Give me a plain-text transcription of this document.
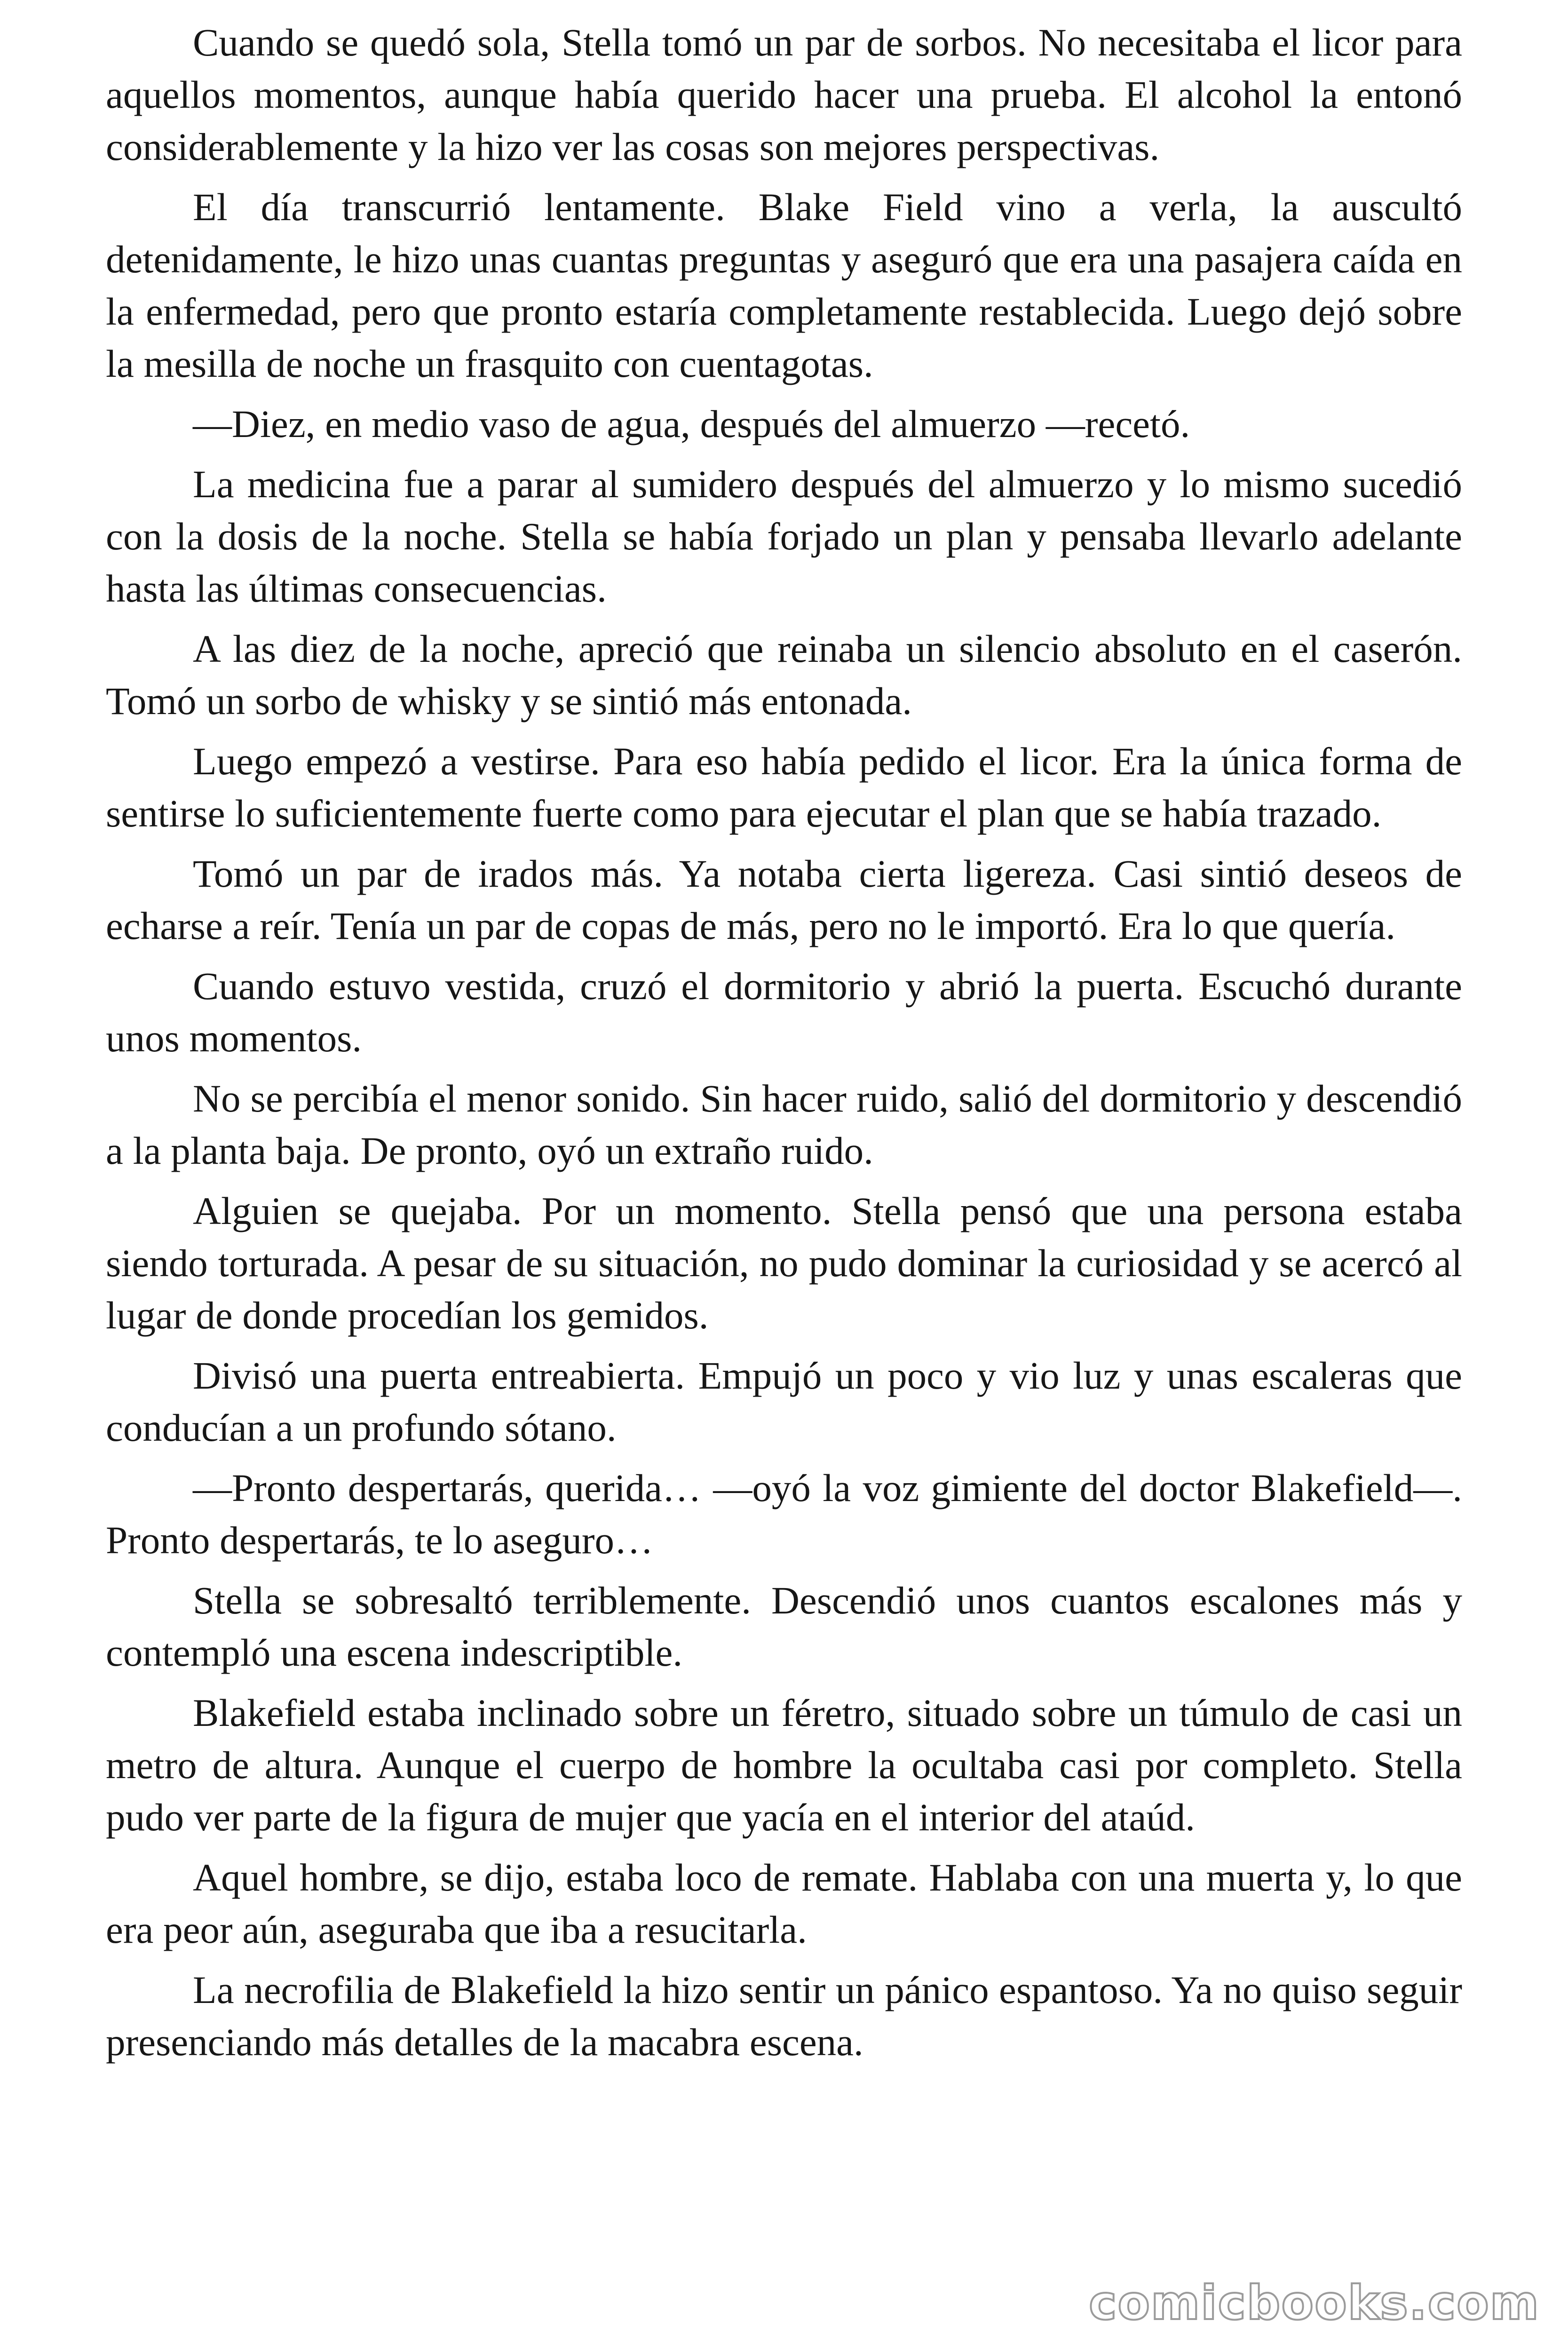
Cuando se quedó sola, Stella tomó un par de sorbos. No necesitaba el licor para aquellos momentos, aunque había querido hacer una prueba. El alcohol la entonó considerablemente y la hizo ver las cosas son mejores perspectivas.

El día transcurrió lentamente. Blake Field vino a verla, la auscultó detenidamente, le hizo unas cuantas preguntas y aseguró que era una pasajera caída en la enfermedad, pero que pronto estaría completamente restablecida. Luego dejó sobre la mesilla de noche un frasquito con cuentagotas.

—Diez, en medio vaso de agua, después del almuerzo —recetó.

La medicina fue a parar al sumidero después del almuerzo y lo mismo sucedió con la dosis de la noche. Stella se había forjado un plan y pensaba llevarlo adelante hasta las últimas consecuencias.

A las diez de la noche, apreció que reinaba un silencio absoluto en el caserón. Tomó un sorbo de whisky y se sintió más entonada.

Luego empezó a vestirse. Para eso había pedido el licor. Era la única forma de sentirse lo suficientemente fuerte como para ejecutar el plan que se había trazado.

Tomó un par de irados más. Ya notaba cierta ligereza. Casi sintió deseos de echarse a reír. Tenía un par de copas de más, pero no le importó. Era lo que quería.

Cuando estuvo vestida, cruzó el dormitorio y abrió la puerta. Escuchó durante unos momentos.

No se percibía el menor sonido. Sin hacer ruido, salió del dormitorio y descendió a la planta baja. De pronto, oyó un extraño ruido.

Alguien se quejaba. Por un momento. Stella pensó que una persona estaba siendo torturada. A pesar de su situación, no pudo dominar la curiosidad y se acercó al lugar de donde procedían los gemidos.

Divisó una puerta entreabierta. Empujó un poco y vio luz y unas escaleras que conducían a un profundo sótano.

—Pronto despertarás, querida… —oyó la voz gimiente del doctor Blakefield—. Pronto despertarás, te lo aseguro…

Stella se sobresaltó terriblemente. Descendió unos cuantos escalones más y contempló una escena indescriptible.

Blakefield estaba inclinado sobre un féretro, situado sobre un túmulo de casi un metro de altura. Aunque el cuerpo de hombre la ocultaba casi por completo. Stella pudo ver parte de la figura de mujer que yacía en el interior del ataúd.

Aquel hombre, se dijo, estaba loco de remate. Hablaba con una muerta y, lo que era peor aún, aseguraba que iba a resucitarla.

La necrofilia de Blakefield la hizo sentir un pánico espantoso. Ya no quiso seguir presenciando más detalles de la macabra escena.

comicbooks.com
